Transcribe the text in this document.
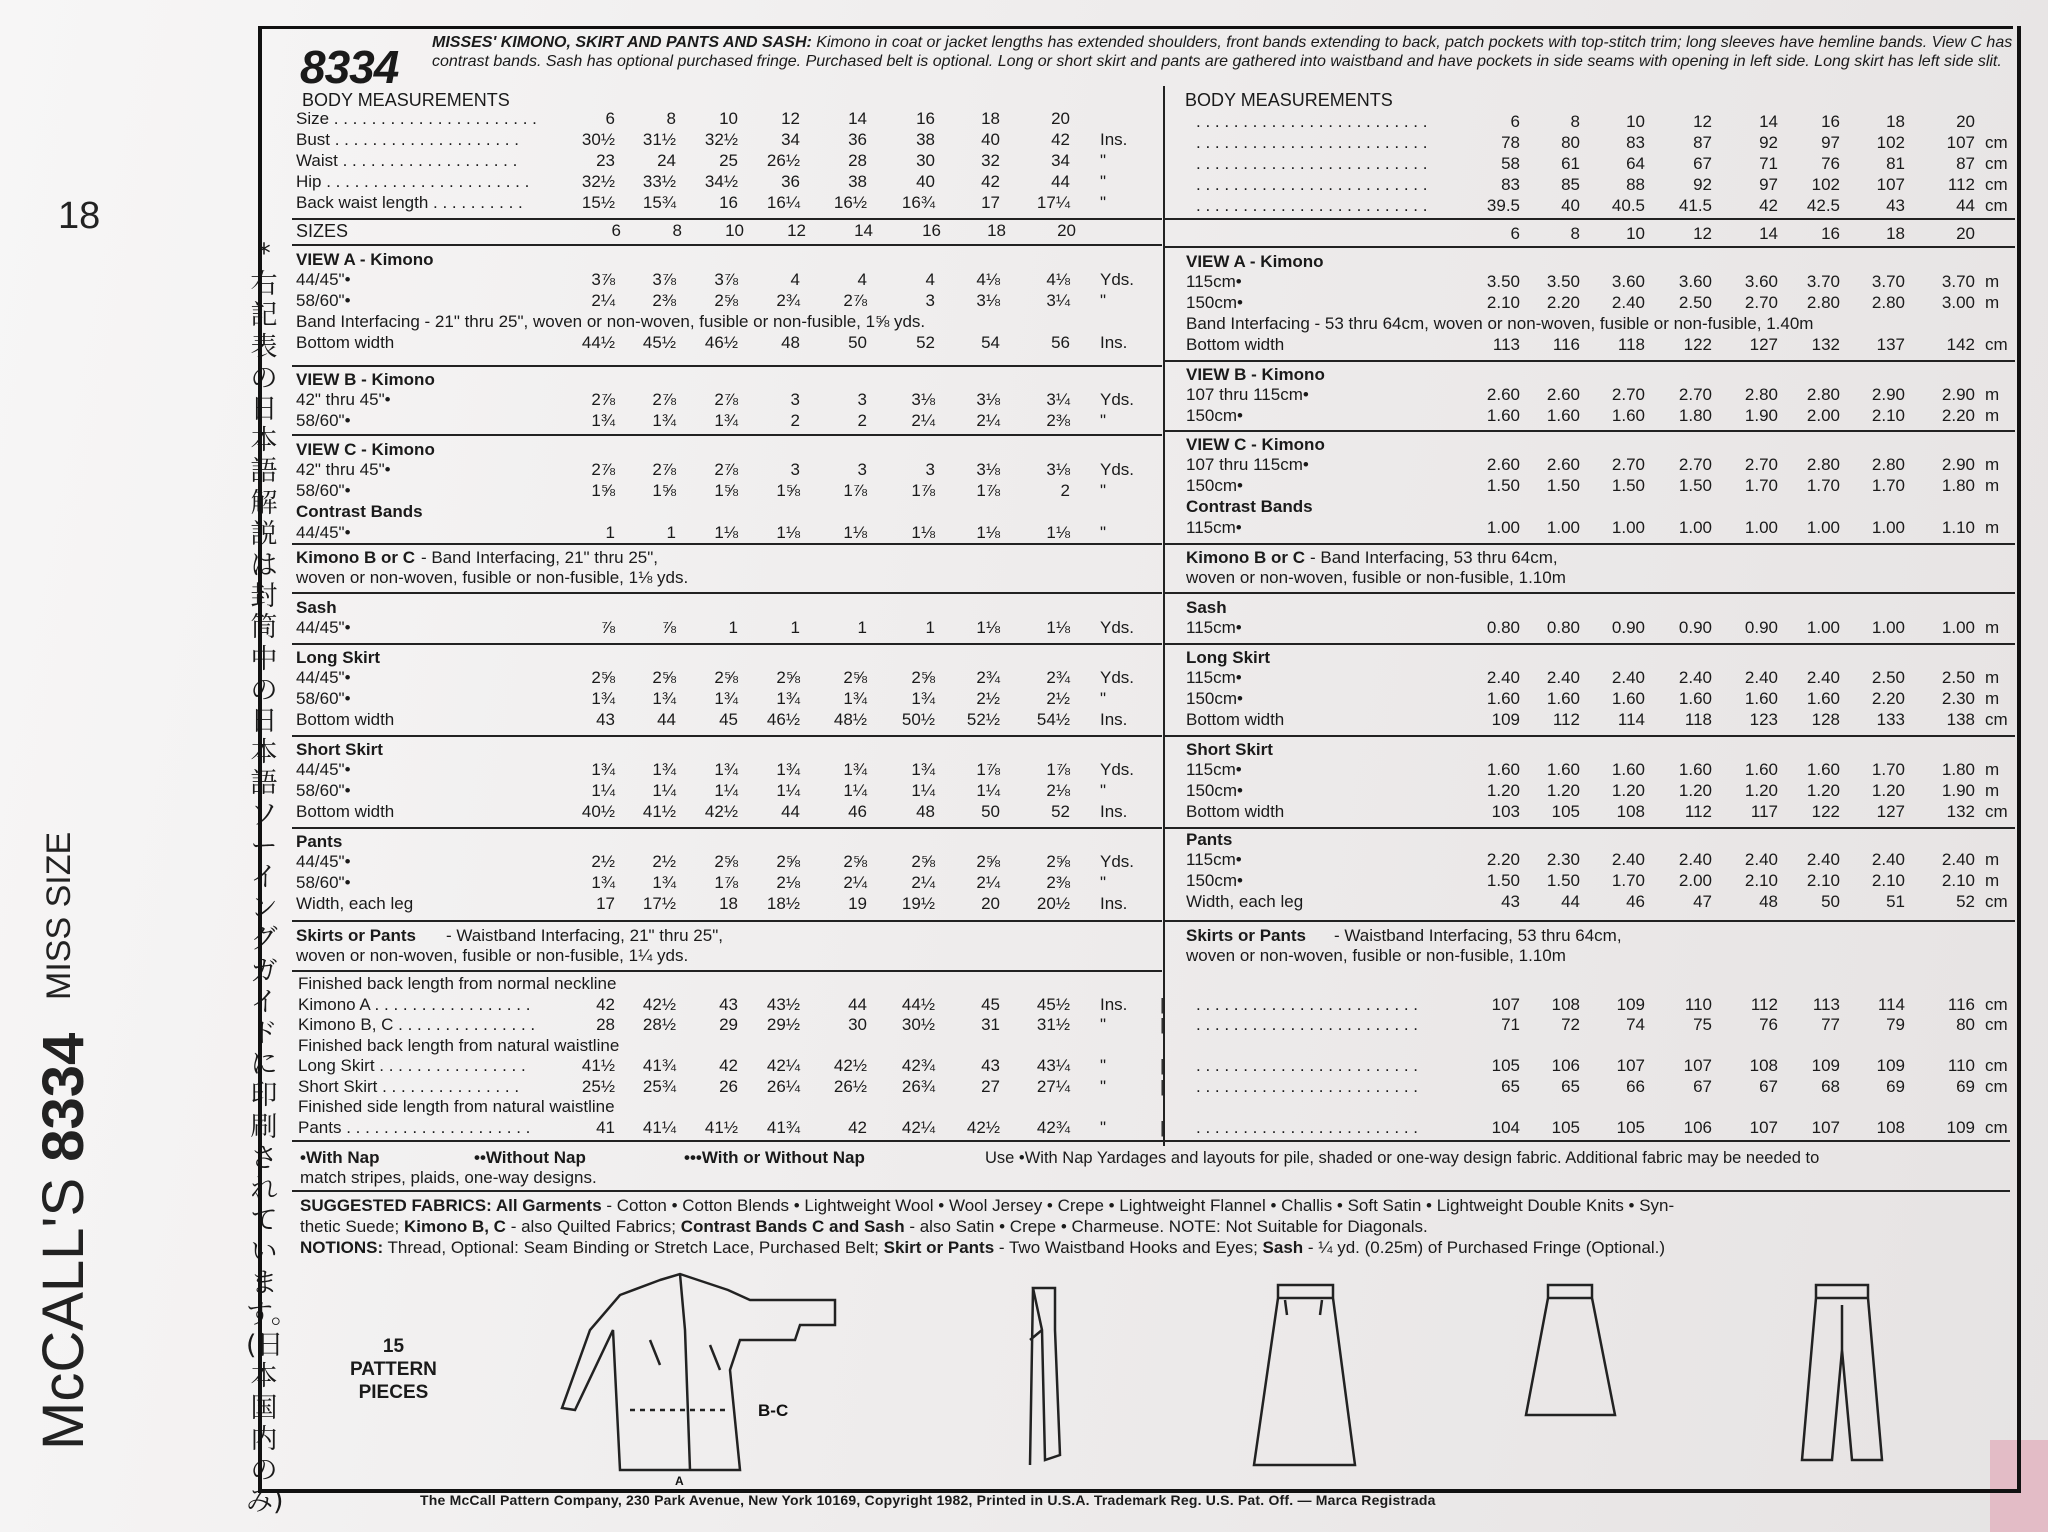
18
MISS SIZE
McCALL'S 8334
*右記表の日本語解説は封筒中の日本語ソーイングガイドに印刷されています。(日本国内のみ)
8334 MISSES' KIMONO, SKIRT AND PANTS AND SASH: Kimono in coat or jacket lengths has extended shoulders, front bands extending to back, patch pockets with top-stitch trim; long sleeves have hemline bands. View C has contrast bands. Sash has optional purchased fringe. Purchased belt is optional. Long or short skirt and pants are gathered into waistband and have pockets in side seams with opening in left side. Long skirt has left side slit.
BODY MEASUREMENTS
Size . . . . . . . . . . . . . . . . . . . . . .	6	8	10	12	14	16	18	20
Bust . . . . . . . . . . . . . . . . . . . .	30½	31½	32½	34	36	38	40	42 Ins.
Waist . . . . . . . . . . . . . . . . . . .	23	24	25	26½	28	30	32	34 "
Hip . . . . . . . . . . . . . . . . . . . . . .	32½	33½	34½	36	38	40	42	44 "
Back waist length . . . . . . . . . .	15½	15¾	16	16¼	16½	16¾	17	17¼ "
SIZES	6	8	10	12	14	16	18	20
VIEW A - Kimono
44/45"•	3⅞	3⅞	3⅞	4	4	4	4⅛	4⅛ Yds.
58/60"•	2¼	2⅜	2⅝	2¾	2⅞	3	3⅛	3¼ "
Band Interfacing - 21" thru 25", woven or non-woven, fusible or non-fusible, 1⅝ yds.
Bottom width	44½	45½	46½	48	50	52	54	56 Ins.
VIEW B - Kimono
42" thru 45"•	2⅞	2⅞	2⅞	3	3	3⅛	3⅛	3¼ Yds.
58/60"•	1¾	1¾	1¾	2	2	2¼	2¼	2⅜ "
VIEW C - Kimono
42" thru 45"•	2⅞	2⅞	2⅞	3	3	3	3⅛	3⅛ Yds.
58/60"•	1⅝	1⅝	1⅝	1⅝	1⅞	1⅞	1⅞	2 "
Contrast Bands
44/45"•	1	1	1⅛	1⅛	1⅛	1⅛	1⅛	1⅛ "
Kimono B or C - Band Interfacing, 21" thru 25",
woven or non-woven, fusible or non-fusible, 1⅛ yds.
Sash
44/45"•	⅞	⅞	1	1	1	1	1⅛	1⅛ Yds.
Long Skirt
44/45"•	2⅝	2⅝	2⅝	2⅝	2⅝	2⅝	2¾	2¾ Yds.
58/60"•	1¾	1¾	1¾	1¾	1¾	1¾	2½	2½ "
Bottom width	43	44	45	46½	48½	50½	52½	54½ Ins.
Short Skirt
44/45"•	1¾	1¾	1¾	1¾	1¾	1¾	1⅞	1⅞ Yds.
58/60"•	1¼	1¼	1¼	1¼	1¼	1¼	1¼	2⅛ "
Bottom width	40½	41½	42½	44	46	48	50	52 Ins.
Pants
44/45"•	2½	2½	2⅝	2⅝	2⅝	2⅝	2⅝	2⅝ Yds.
58/60"•	1¾	1¾	1⅞	2⅛	2¼	2¼	2¼	2⅜ "
Width, each leg	17	17½	18	18½	19	19½	20	20½ Ins.
Skirts or Pants - Waistband Interfacing, 21" thru 25",
woven or non-woven, fusible or non-fusible, 1¼ yds.
Finished back length from normal neckline
Kimono A . . . . . . . . . . . . . . . . .	42	42½	43	43½	44	44½	45	45½ Ins.
Kimono B, C . . . . . . . . . . . . . . .	28	28½	29	29½	30	30½	31	31½ "
Finished back length from natural waistline
Long Skirt . . . . . . . . . . . . . . . .	41½	41¾	42	42¼	42½	42¾	43	43¼ "
Short Skirt . . . . . . . . . . . . . . .	25½	25¾	26	26¼	26½	26¾	27	27¼ "
Finished side length from natural waistline
Pants . . . . . . . . . . . . . . . . . . . .	41	41¼	41½	41¾	42	42¼	42½	42¾ "
BODY MEASUREMENTS
. . . . . . . . . . . . . . . . . . . . . . . . .	6	8	10	12	14	16	18	20
. . . . . . . . . . . . . . . . . . . . . . . . .	78	80	83	87	92	97	102	107 cm
. . . . . . . . . . . . . . . . . . . . . . . . .	58	61	64	67	71	76	81	87 cm
. . . . . . . . . . . . . . . . . . . . . . . . .	83	85	88	92	97	102	107	112 cm
. . . . . . . . . . . . . . . . . . . . . . . . .	39.5	40	40.5	41.5	42	42.5	43	44 cm
6	8	10	12	14	16	18	20
VIEW A - Kimono
115cm•	3.50	3.50	3.60	3.60	3.60	3.70	3.70	3.70 m
150cm•	2.10	2.20	2.40	2.50	2.70	2.80	2.80	3.00 m
Band Interfacing - 53 thru 64cm, woven or non-woven, fusible or non-fusible, 1.40m
Bottom width	113	116	118	122	127	132	137	142 cm
VIEW B - Kimono
107 thru 115cm•	2.60	2.60	2.70	2.70	2.80	2.80	2.90	2.90 m
150cm•	1.60	1.60	1.60	1.80	1.90	2.00	2.10	2.20 m
VIEW C - Kimono
107 thru 115cm•	2.60	2.60	2.70	2.70	2.70	2.80	2.80	2.90 m
150cm•	1.50	1.50	1.50	1.50	1.70	1.70	1.70	1.80 m
Contrast Bands
115cm•	1.00	1.00	1.00	1.00	1.00	1.00	1.00	1.10 m
Kimono B or C - Band Interfacing, 53 thru 64cm,
woven or non-woven, fusible or non-fusible, 1.10m
Sash
115cm•	0.80	0.80	0.90	0.90	0.90	1.00	1.00	1.00 m
Long Skirt
115cm•	2.40	2.40	2.40	2.40	2.40	2.40	2.50	2.50 m
150cm•	1.60	1.60	1.60	1.60	1.60	1.60	2.20	2.30 m
Bottom width	109	112	114	118	123	128	133	138 cm
Short Skirt
115cm•	1.60	1.60	1.60	1.60	1.60	1.60	1.70	1.80 m
150cm•	1.20	1.20	1.20	1.20	1.20	1.20	1.20	1.90 m
Bottom width	103	105	108	112	117	122	127	132 cm
Pants
115cm•	2.20	2.30	2.40	2.40	2.40	2.40	2.40	2.40 m
150cm•	1.50	1.50	1.70	2.00	2.10	2.10	2.10	2.10 m
Width, each leg	43	44	46	47	48	50	51	52 cm
Skirts or Pants - Waistband Interfacing, 53 thru 64cm,
woven or non-woven, fusible or non-fusible, 1.10m
. . . . . . . . . . . . . . . . . . . . . . . .	107	108	109	110	112	113	114	116 cm
|
. . . . . . . . . . . . . . . . . . . . . . . .	71	72	74	75	76	77	79	80 cm
|
. . . . . . . . . . . . . . . . . . . . . . . .	105	106	107	107	108	109	109	110 cm
|
. . . . . . . . . . . . . . . . . . . . . . . .	65	65	66	67	67	68	69	69 cm
|
. . . . . . . . . . . . . . . . . . . . . . . .	104	105	105	106	107	107	108	109 cm
|
•With Nap	••Without Nap	•••With or Without Nap	Use •With Nap Yardages and layouts for pile, shaded or one-way design fabric. Additional fabric may be needed to
match stripes, plaids, one-way designs.
SUGGESTED FABRICS: All Garments - Cotton • Cotton Blends • Lightweight Wool • Wool Jersey • Crepe • Lightweight Flannel • Challis • Soft Satin • Lightweight Double Knits • Syn-
thetic Suede; Kimono B, C - also Quilted Fabrics; Contrast Bands C and Sash - also Satin • Crepe • Charmeuse. NOTE: Not Suitable for Diagonals.
NOTIONS: Thread, Optional: Seam Binding or Stretch Lace, Purchased Belt; Skirt or Pants - Two Waistband Hooks and Eyes; Sash - ¼ yd. (0.25m) of Purchased Fringe (Optional.)
15
PATTERN
PIECES
B-C
A
The McCall Pattern Company, 230 Park Avenue, New York 10169, Copyright 1982, Printed in U.S.A. Trademark Reg. U.S. Pat. Off. — Marca Registrada
